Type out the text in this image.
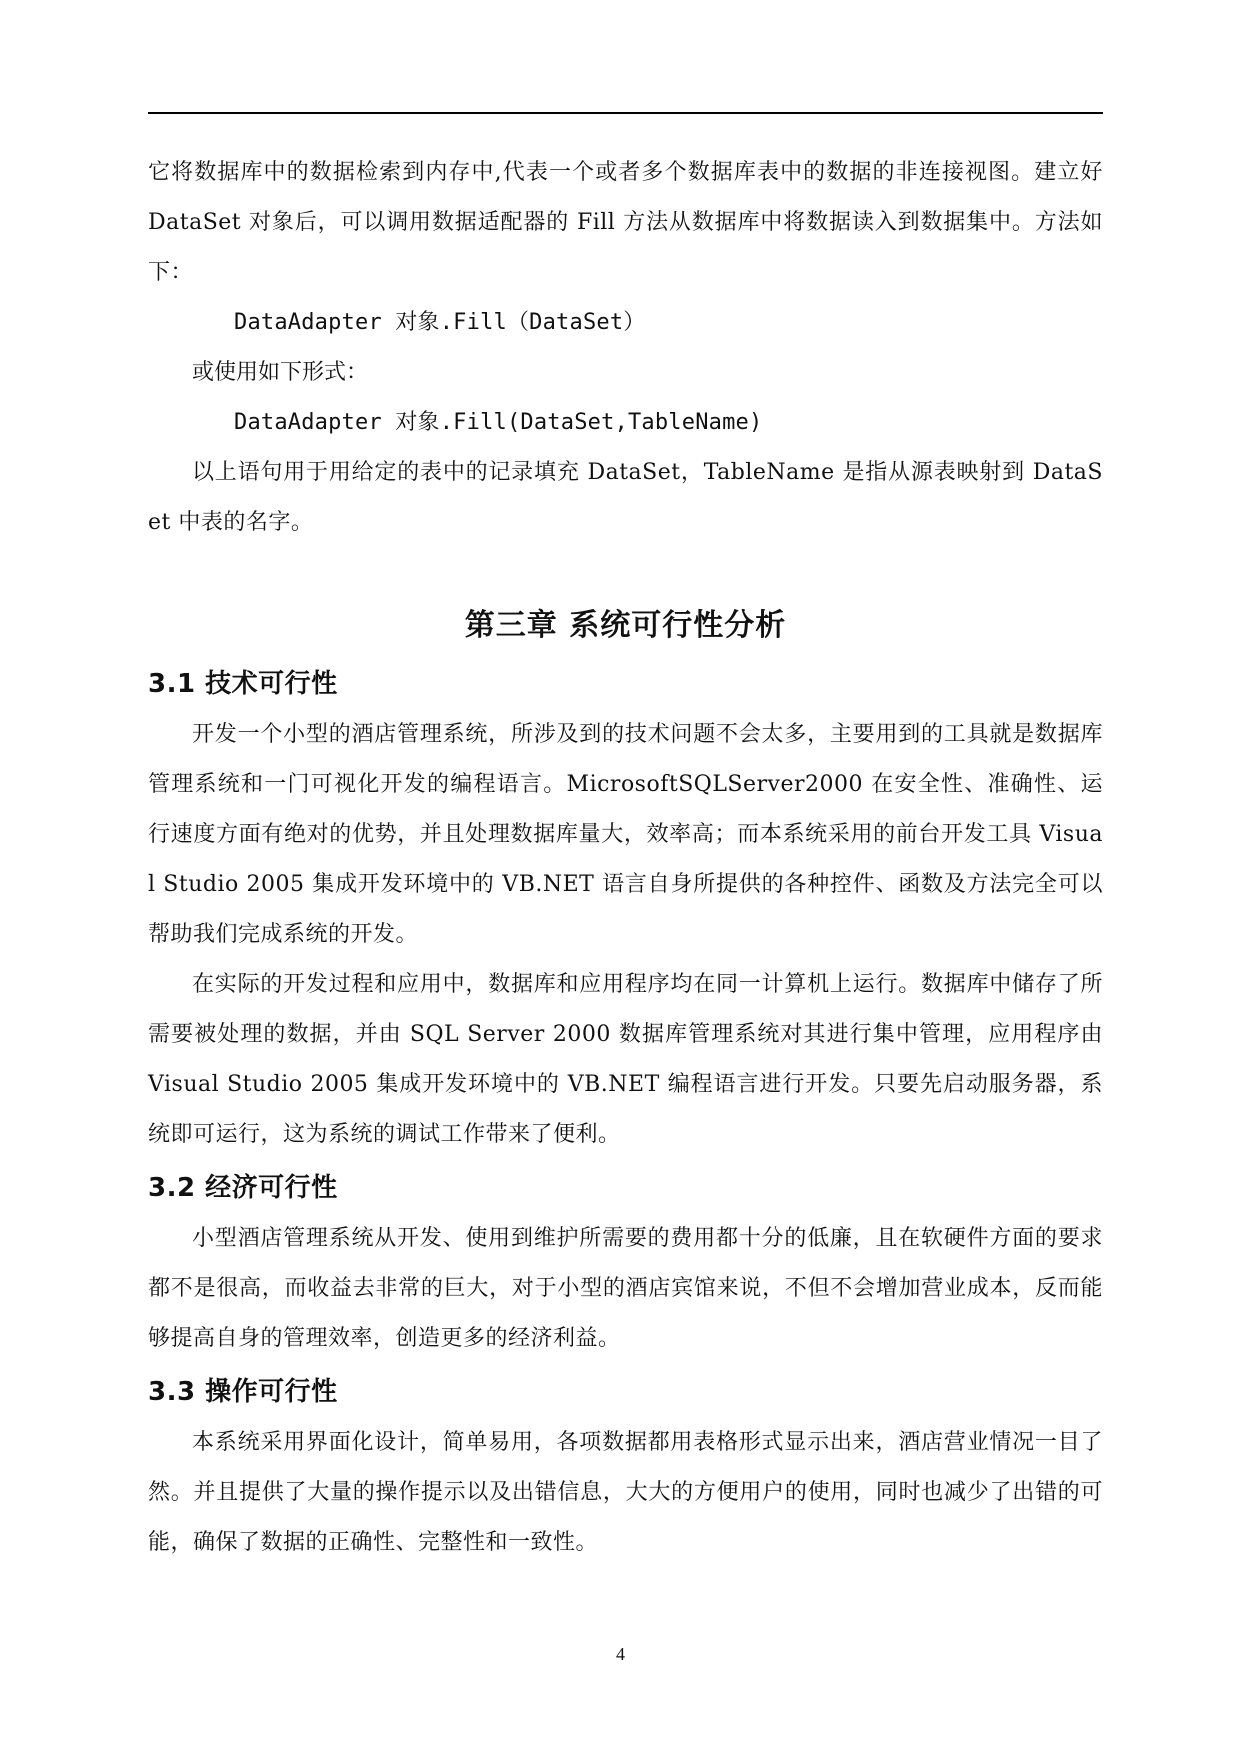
它将数据库中的数据检索到内存中,代表一个或者多个数据库表中的数据的非连接视图。建立好 DataSet 对象后，可以调用数据适配器的 Fill 方法从数据库中将数据读入到数据集中。方法如下：

DataAdapter 对象.Fill（DataSet）

或使用如下形式：

DataAdapter 对象.Fill(DataSet,TableName)

以上语句用于用给定的表中的记录填充 DataSet，TableName 是指从源表映射到 DataSet 中表的名字。

第三章 系统可行性分析
3.1 技术可行性

开发一个小型的酒店管理系统，所涉及到的技术问题不会太多，主要用到的工具就是数据库管理系统和一门可视化开发的编程语言。MicrosoftSQLServer2000 在安全性、准确性、运行速度方面有绝对的优势，并且处理数据库量大，效率高；而本系统采用的前台开发工具 Visual Studio 2005 集成开发环境中的 VB.NET 语言自身所提供的各种控件、函数及方法完全可以帮助我们完成系统的开发。

在实际的开发过程和应用中，数据库和应用程序均在同一计算机上运行。数据库中储存了所需要被处理的数据，并由 SQL Server 2000 数据库管理系统对其进行集中管理，应用程序由 Visual Studio 2005 集成开发环境中的 VB.NET 编程语言进行开发。只要先启动服务器，系统即可运行，这为系统的调试工作带来了便利。

3.2 经济可行性

小型酒店管理系统从开发、使用到维护所需要的费用都十分的低廉，且在软硬件方面的要求都不是很高，而收益去非常的巨大，对于小型的酒店宾馆来说，不但不会增加营业成本，反而能够提高自身的管理效率，创造更多的经济利益。

3.3 操作可行性

本系统采用界面化设计，简单易用，各项数据都用表格形式显示出来，酒店营业情况一目了然。并且提供了大量的操作提示以及出错信息，大大的方便用户的使用，同时也减少了出错的可能，确保了数据的正确性、完整性和一致性。

4
